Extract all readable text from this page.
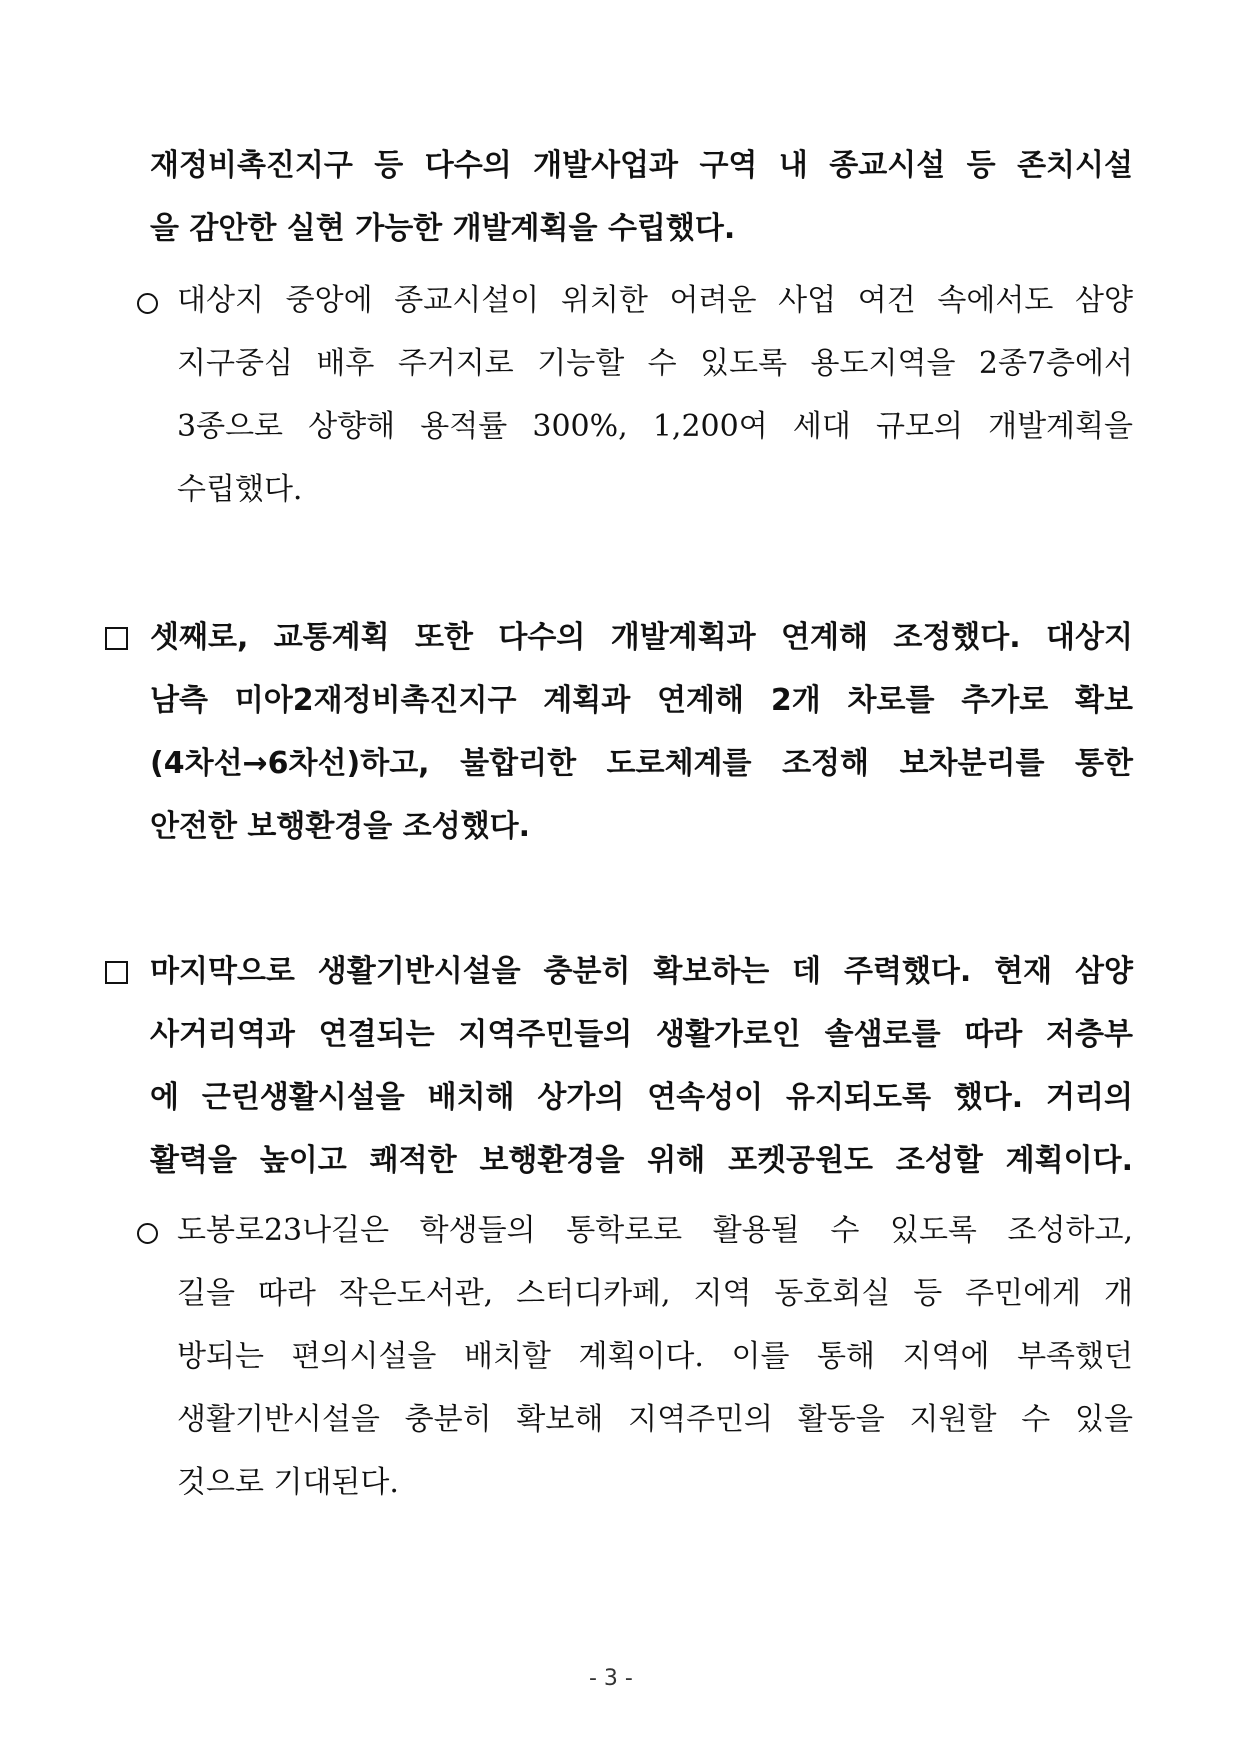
재정비촉진지구 등 다수의 개발사업과 구역 내 종교시설 등 존치시설
을 감안한 실현 가능한 개발계획을 수립했다.
대상지 중앙에 종교시설이 위치한 어려운 사업 여건 속에서도 삼양
지구중심 배후 주거지로 기능할 수 있도록 용도지역을 2종7층에서
3종으로 상향해 용적률 300%, 1,200여 세대 규모의 개발계획을
수립했다.
셋째로, 교통계획 또한 다수의 개발계획과 연계해 조정했다. 대상지
남측 미아2재정비촉진지구 계획과 연계해 2개 차로를 추가로 확보
(4차선→6차선)하고, 불합리한 도로체계를 조정해 보차분리를 통한
안전한 보행환경을 조성했다.
마지막으로 생활기반시설을 충분히 확보하는 데 주력했다. 현재 삼양
사거리역과 연결되는 지역주민들의 생활가로인 솔샘로를 따라 저층부
에 근린생활시설을 배치해 상가의 연속성이 유지되도록 했다. 거리의
활력을 높이고 쾌적한 보행환경을 위해 포켓공원도 조성할 계획이다.
도봉로23나길은 학생들의 통학로로 활용될 수 있도록 조성하고,
길을 따라 작은도서관, 스터디카페, 지역 동호회실 등 주민에게 개
방되는 편의시설을 배치할 계획이다. 이를 통해 지역에 부족했던
생활기반시설을 충분히 확보해 지역주민의 활동을 지원할 수 있을
것으로 기대된다.
- 3 -
